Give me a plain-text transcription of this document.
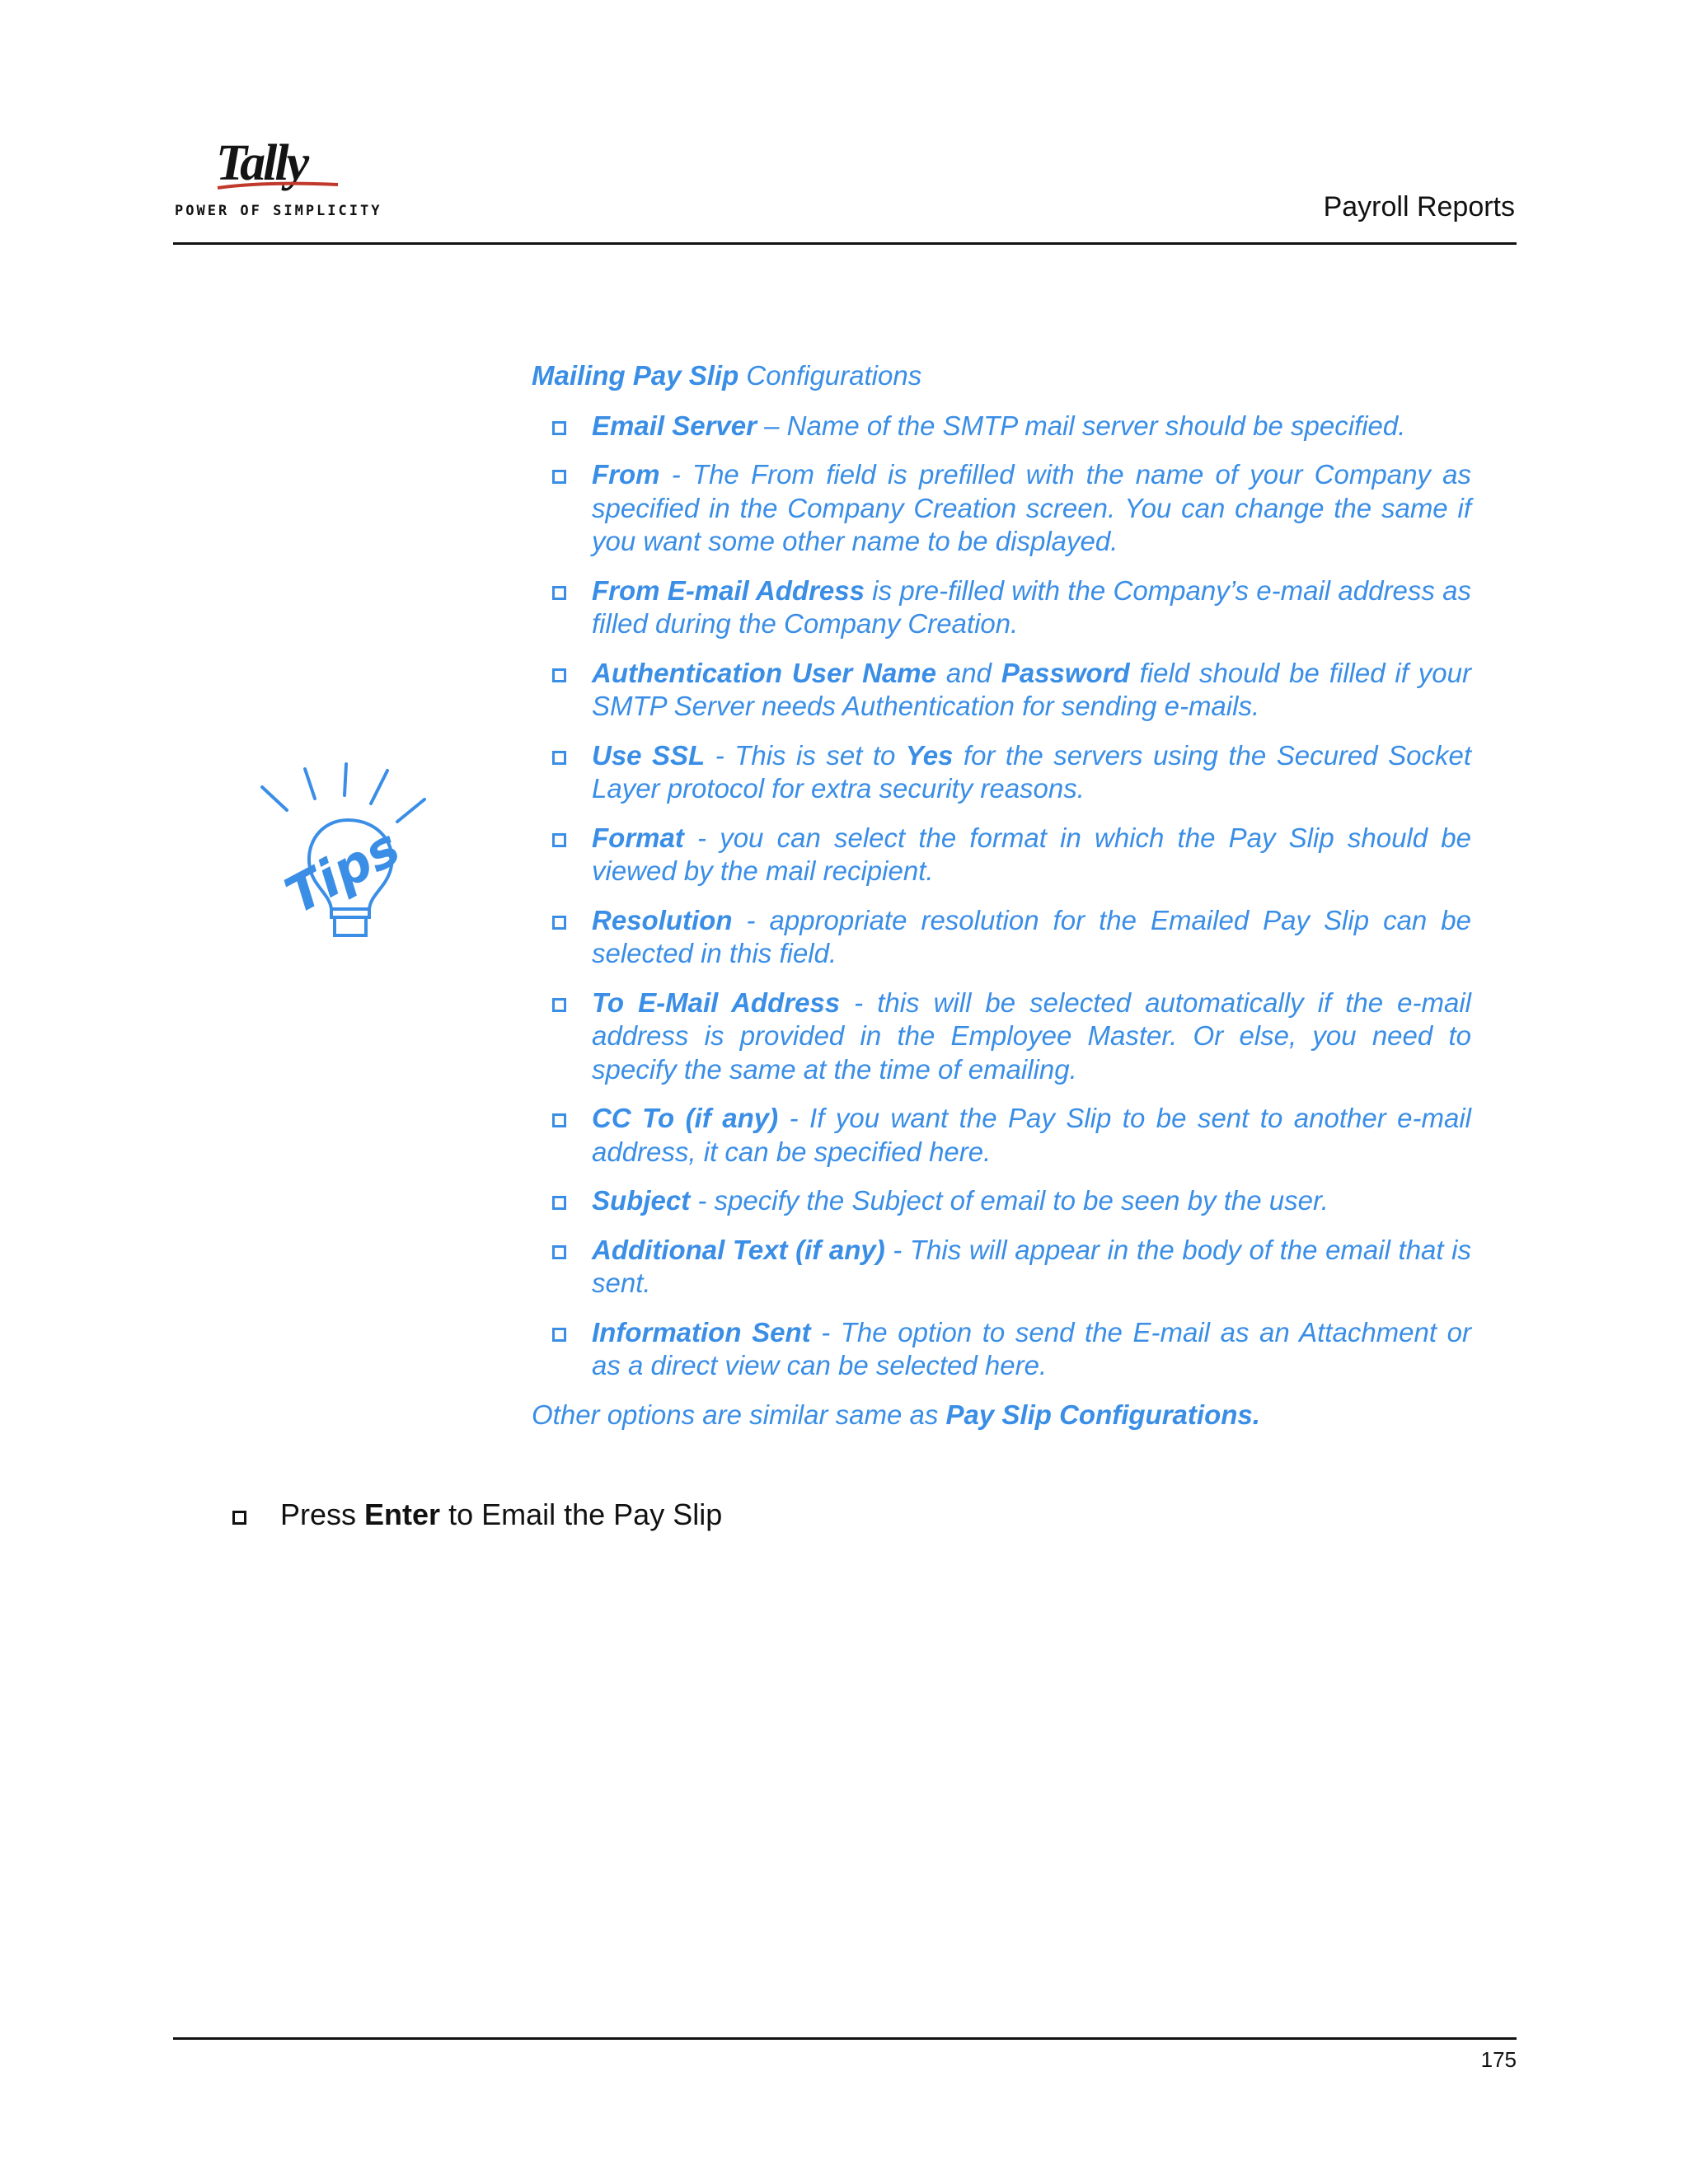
Tally
POWER OF SIMPLICITY	Payroll Reports
Tips
Mailing Pay Slip Configurations
Email Server – Name of the SMTP mail server should be specified.
From - The From field is prefilled with the name of your Company as specified in the Company Creation screen. You can change the same if you want some other name to be displayed.
From E-mail Address is pre-filled with the Company’s e-mail address as filled during the Company Creation.
Authentication User Name and Password field should be filled if your SMTP Server needs Authentication for sending e-mails.
Use SSL - This is set to Yes for the servers using the Secured Socket Layer protocol for extra security reasons.
Format - you can select the format in which the Pay Slip should be viewed by the mail recipient.
Resolution - appropriate resolution for the Emailed Pay Slip can be selected in this field.
To E-Mail Address - this will be selected automatically if the e-mail address is provided in the Employee Master. Or else, you need to specify the same at the time of emailing.
CC To (if any) - If you want the Pay Slip to be sent to another e-mail address, it can be specified here.
Subject - specify the Subject of email to be seen by the user.
Additional Text (if any) - This will appear in the body of the email that is sent.
Information Sent - The option to send the E-mail as an Attachment or as a direct view can be selected here.
Other options are similar same as Pay Slip Configurations.
Press Enter to Email the Pay Slip
175
